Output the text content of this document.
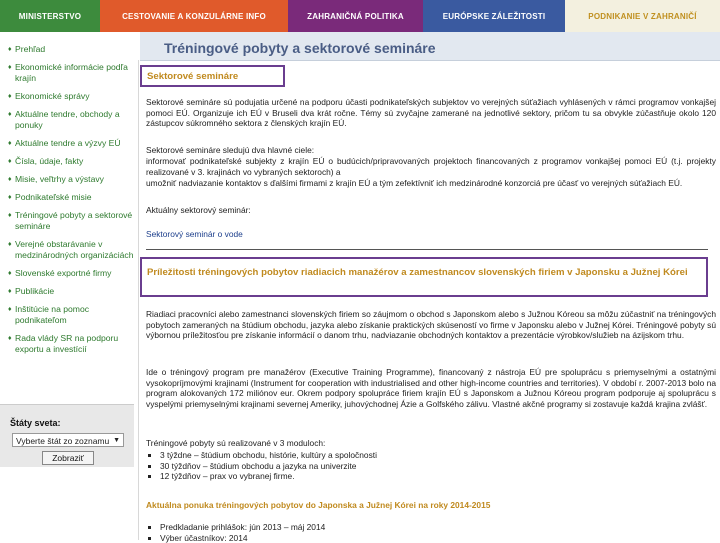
MINISTERSTVO	CESTOVANIE A KONZULÁRNE INFO	ZAHRANIČNÁ POLITIKA	EURÓPSKE ZÁLEŽITOSTI	PODNIKANIE V ZAHRANIČÍ
Tréningové pobyty a sektorové semináre
♦ Prehľad
♦ Ekonomické informácie podľa krajín
♦ Ekonomické správy
♦ Aktuálne tendre, obchody a ponuky
♦ Aktuálne tendre a výzvy EÚ
♦ Čísla, údaje, fakty
♦ Misie, veľtrhy a výstavy
♦ Podnikateľské misie
♦ Tréningové pobyty a sektorové semináre
♦ Verejné obstarávanie v medzinárodných organizáciách
♦ Slovenské exportné firmy
♦ Publikácie
♦ Inštitúcie na pomoc podnikateľom
♦ Rada vlády SR na podporu exportu a investícií
Štáty sveta:
Vyberte štát zo zoznamu ▼
Zobraziť
Sektorové semináre
Sektorové semináre sú podujatia určené na podporu účasti podnikateľských subjektov vo verejných súťažiach vyhlásených v rámci programov vonkajšej pomoci EÚ. Organizuje ich EÚ v Bruseli dva krát ročne. Témy sú zvyčajne zamerané na jednotlivé sektory, pričom tu sa obvykle zúčastňuje okolo 120 zástupcov súkromného sektora z členských krajín EÚ.
Sektorové semináre sledujú dva hlavné ciele:
informovať podnikateľské subjekty z krajín EÚ o budúcich/pripravovaných projektoch financovaných z programov vonkajšej pomoci EÚ (t.j. projekty realizované v 3. krajinách vo vybraných sektoroch) a
umožniť nadviazanie kontaktov s ďalšími firmami z krajín EÚ a tým zefektívniť ich medzinárodné konzorciá pre účasť vo verejných súťažiach EÚ.
Aktuálny sektorový seminár:
Sektorový seminár o vode
Príležitosti tréningových pobytov riadiacich manažérov a zamestnancov slovenských firiem v Japonsku a Južnej Kórei
Riadiaci pracovníci alebo zamestnanci slovenských firiem so záujmom o obchod s Japonskom alebo s Južnou Kóreou sa môžu zúčastniť na tréningových pobytoch zameraných na štúdium obchodu, jazyka alebo získanie praktických skúseností vo firme v Japonsku alebo v Južnej Kórei. Tréningové pobyty sú výbornou príležitosťou pre získanie informácií o danom trhu, nadviazanie obchodných kontaktov a prezentácie výrobkov/služieb na ázijskom trhu.
Ide o tréningový program pre manažérov (Executive Training Programme), financovaný z nástroja EÚ pre spoluprácu s priemyselnými a ostatnými vysokopríjmovými krajinami (Instrument for cooperation with industrialised and other high-income countries and territories). V období r. 2007-2013 bolo na program alokovaných 172 miliónov eur. Okrem podpory spolupráce firiem krajín EÚ s Japonskom a Južnou Kóreou program podporuje aj spoluprácu s vyspelými priemyselnými krajinami severnej Ameriky, juhovýchodnej Ázie a Golfského zálivu. Vlastné akčné programy si zostavuje každá krajina zvlášť.
Tréningové pobyty sú realizované v 3 moduloch:
▪ 3 týždne – štúdium obchodu, histórie, kultúry a spoločnosti
▪ 30 týždňov – štúdium obchodu a jazyka na univerzite
▪ 12 týždňov – prax vo vybranej firme.
Aktuálna ponuka tréningových pobytov do Japonska a Južnej Kórei na roky 2014-2015
▪ Predkladanie prihlášok: jún 2013 – máj 2014
▪ Výber účastníkov: 2014
